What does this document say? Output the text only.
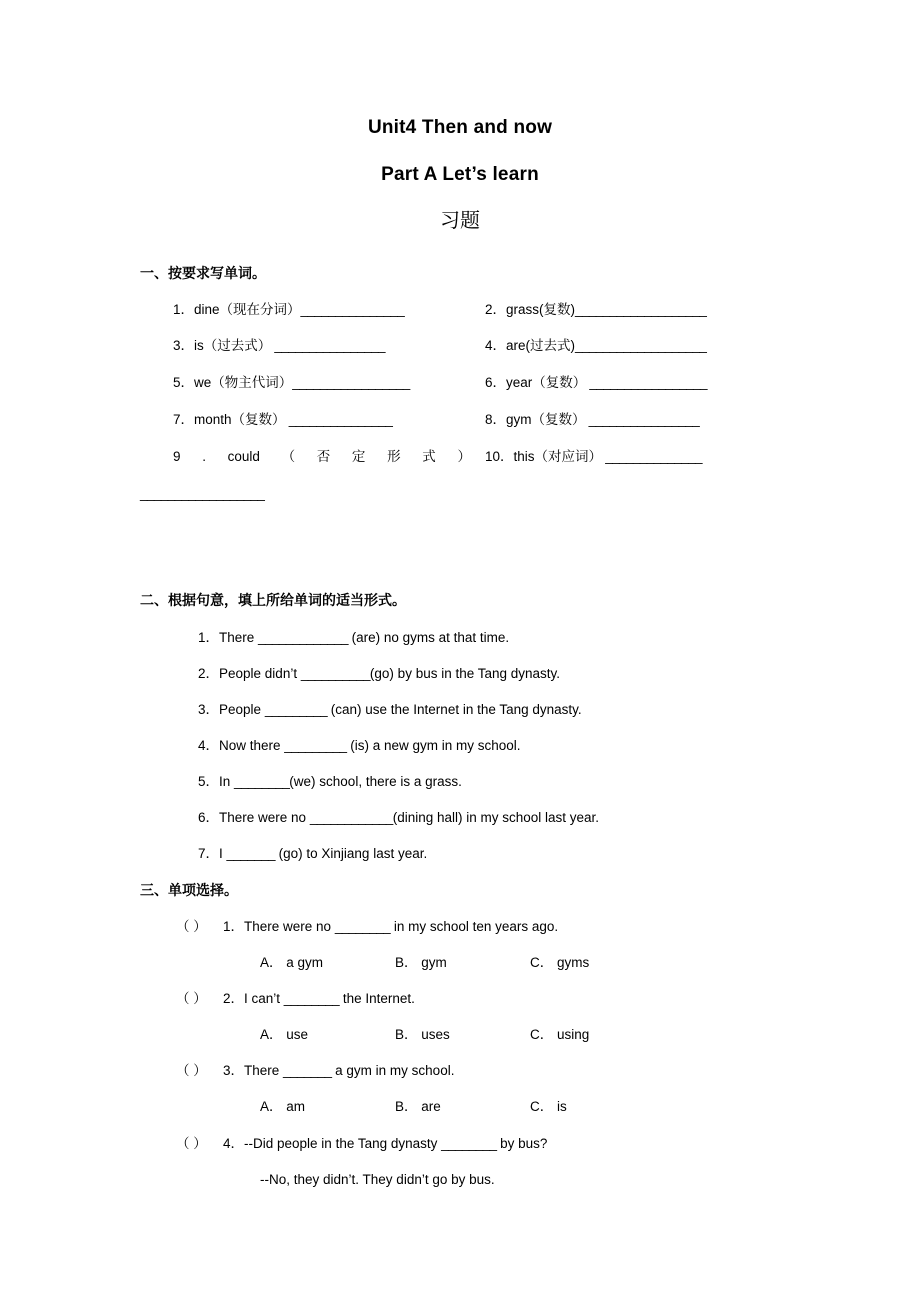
Unit4 Then and now
Part A Let’s learn
习题
一、按要求写单词。
1．dine（现在分词）_______________	2．grass(复数)___________________
3．is（过去式） ________________	4．are(过去式)___________________
5．we（物主代词）_________________	6．year（复数） _________________
7．month（复数） _______________	8．gym（复数） ________________
9 . could （ 否 定 形 式 ） 10．this（对应词） ______________
__________________
二、根据句意，填上所给单词的适当形式。
1．There _____________ (are) no gyms at that time.
2．People didn’t __________(go) by bus in the Tang dynasty.
3．People _________ (can) use the Internet in the Tang dynasty.
4．Now there _________ (is) a new gym in my school.
5．In ________(we) school, there is a grass.
6．There were no ____________(dining hall) in my school last year.
7．I _______ (go) to Xinjiang last year.
三、单项选择。
（ ） 1．There were no ________ in my school ten years ago.
A． a gym	B． gym	C． gyms
（ ） 2．I can’t ________ the Internet.
A． use	B． uses	C． using
（ ） 3．There _______ a gym in my school.
A． am	B． are	C． is
（ ） 4．--Did people in the Tang dynasty ________ by bus?
--No, they didn’t. They didn’t go by bus.
